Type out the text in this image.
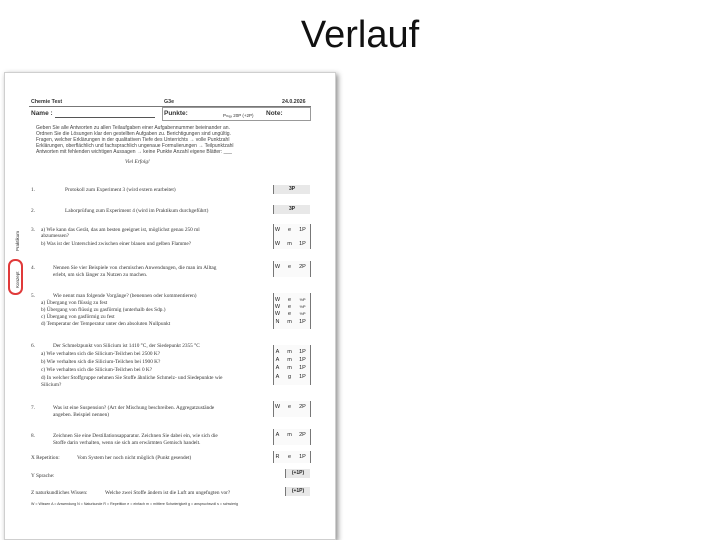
Verlauf
Chemie Test	G3e	24.0.2026
Name :	Punkte:	Pₘₐₓ 20P (+2P) Note:
Geben Sie alle Antworten zu allen Teilaufgaben einer Aufgabennummer beieinander an.
Ordnen Sie die Lösungen klar den gestellten Aufgaben zu. Berichtigungen sind ungültig.
Fragen, welcher Erklärungen in der qualitativen Tiefe des Unterrichts → volle Punktzahl
Erklärungen, oberflächlich und fachsprachlich ungenaue Formulierungen → Teilpunktzahl
Antworten mit fehlenden wichtigen Aussagen → keine Punkte Anzahl eigene Blätter: ___
Viel Erfolg!
Praktikum
Konzept
1.	Protokoll zum Experiment 3 (wird extern erarbeitet)	3P
2.	Laborprüfung zum Experiment 4 (wird im Praktikum durchgeführt)	3P
3. a) Wie kann das Gerät, das am besten geeignet ist, möglichst genau 250 ml
abzumessen?
b) Was ist der Unterschied zwischen einer blauen und gelben Flamme?
W	e	1P
W	m	1P
4.	Nennen Sie vier Beispiele von chemischen Anwendungen, die man im Alltag
erlebt, um sich länger zu Nutzen zu machen.
W	e	2P
5.	Wie nennt man folgende Vorgänge? (benennen oder kommentieren)
a) Übergang von flüssig zu fest
b) Übergang von flüssig zu gasförmig (unterhalb des Sdp.)
c) Übergang von gasförmig zu fest
d) Temperatur der Temperatur unter den absoluten Nullpunkt
W	e	½P
W	e	½P
W	e	½P
N	m	1P
6.	Der Schmelzpunkt von Silicium ist 1410 °C, der Siedepunkt 2355 °C
a) Wie verhalten sich die Silicium-Teilchen bei 2500 K?
b) Wie verhalten sich die Silicium-Teilchen bei 1900 K?
c) Wie verhalten sich die Silicium-Teilchen bei 0 K?
d) In welcher Stoffgruppe nehmen Sie Stoffe ähnliche Schmelz- und Siedepunkte wie
Silicium?
A	m	1P
A	m	1P
A	m	1P
A	g	1P
7.	Was ist eine Suspension? (Art der Mischung beschreiben. Aggregatzustände
angeben. Beispiel nennen)
W	e	2P
8.	Zeichnen Sie eine Destillationsapparatur. Zeichnen Sie dabei ein, wie sich die
Stoffe darin verhalten, wenn sie sich am erwärmten Gemisch handelt.
A	m	2P
X Repetition:	Vom System her noch nicht möglich (Punkt gesendet)	R	e	1P
Y Sprache:	(+1P)
Z naturkundliches Wissen:	Welche zwei Stoffe ändern ist die Luft am ungefugten vor?	(+1P)
W = Wissen A = Anwendung N = Naturkunde R = Repetition e = einfach m = mittlere Schwierigkeit g = anspruchsvoll s = schwierig
